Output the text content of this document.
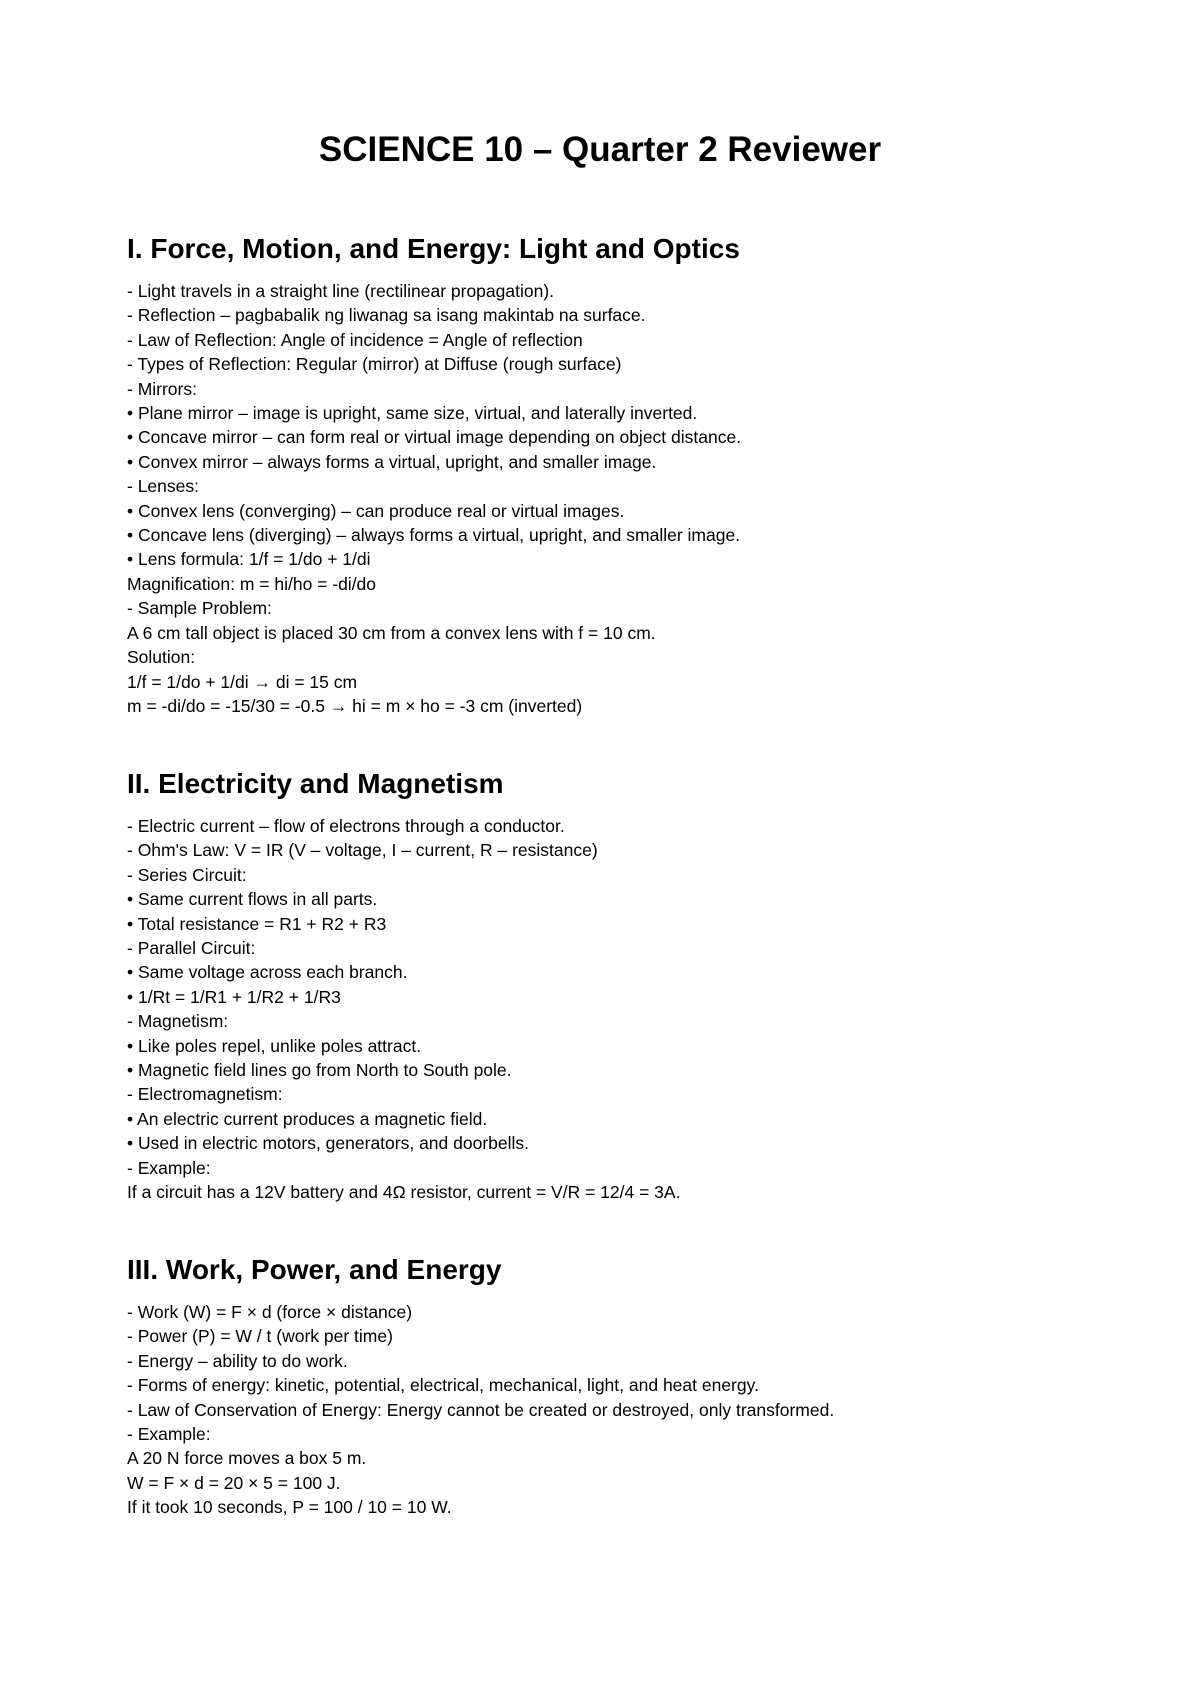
SCIENCE 10 – Quarter 2 Reviewer
I. Force, Motion, and Energy: Light and Optics
- Light travels in a straight line (rectilinear propagation).
- Reflection – pagbabalik ng liwanag sa isang makintab na surface.
- Law of Reflection: Angle of incidence = Angle of reflection
- Types of Reflection: Regular (mirror) at Diffuse (rough surface)
- Mirrors:
• Plane mirror – image is upright, same size, virtual, and laterally inverted.
• Concave mirror – can form real or virtual image depending on object distance.
• Convex mirror – always forms a virtual, upright, and smaller image.
- Lenses:
• Convex lens (converging) – can produce real or virtual images.
• Concave lens (diverging) – always forms a virtual, upright, and smaller image.
• Lens formula: 1/f = 1/do + 1/di
Magnification: m = hi/ho = -di/do
- Sample Problem:
A 6 cm tall object is placed 30 cm from a convex lens with f = 10 cm.
Solution:
1/f = 1/do + 1/di → di = 15 cm
m = -di/do = -15/30 = -0.5 → hi = m × ho = -3 cm (inverted)
II. Electricity and Magnetism
- Electric current – flow of electrons through a conductor.
- Ohm's Law: V = IR (V – voltage, I – current, R – resistance)
- Series Circuit:
• Same current flows in all parts.
• Total resistance = R1 + R2 + R3
- Parallel Circuit:
• Same voltage across each branch.
• 1/Rt = 1/R1 + 1/R2 + 1/R3
- Magnetism:
• Like poles repel, unlike poles attract.
• Magnetic field lines go from North to South pole.
- Electromagnetism:
• An electric current produces a magnetic field.
• Used in electric motors, generators, and doorbells.
- Example:
If a circuit has a 12V battery and 4Ω resistor, current = V/R = 12/4 = 3A.
III. Work, Power, and Energy
- Work (W) = F × d (force × distance)
- Power (P) = W / t (work per time)
- Energy – ability to do work.
- Forms of energy: kinetic, potential, electrical, mechanical, light, and heat energy.
- Law of Conservation of Energy: Energy cannot be created or destroyed, only transformed.
- Example:
A 20 N force moves a box 5 m.
W = F × d = 20 × 5 = 100 J.
If it took 10 seconds, P = 100 / 10 = 10 W.
